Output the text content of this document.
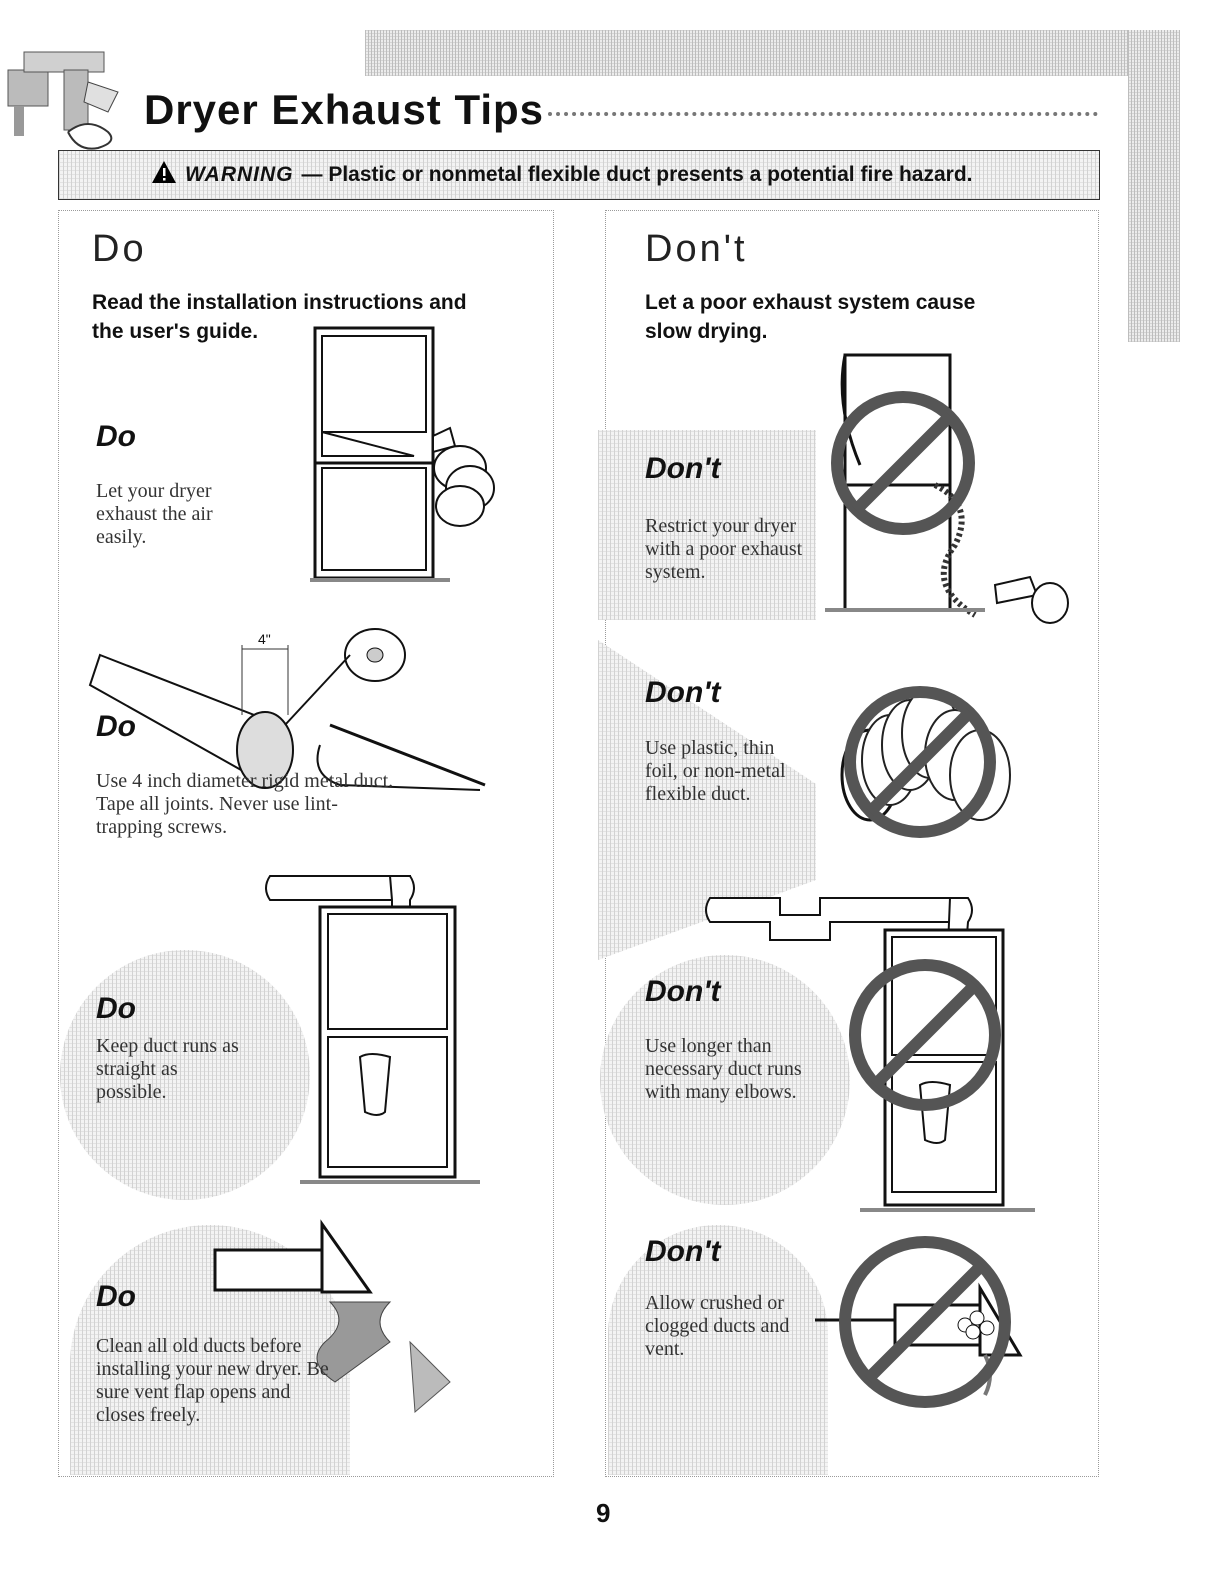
Dryer Exhaust Tips
WARNING — Plastic or nonmetal flexible duct presents a potential fire hazard.
Do
Read the installation instructions and the user's guide.
Do
Let your dryer exhaust the air easily.
4"
Do
Use 4 inch diameter rigid metal duct. Tape all joints. Never use lint-trapping screws.
Do
Keep duct runs as straight as possible.
Do
Clean all old ducts before installing your new dryer. Be sure vent flap opens and closes freely.
Don't
Let a poor exhaust system cause slow drying.
Don't
Restrict your dryer with a poor exhaust system.
Don't
Use plastic, thin foil, or non-metal flexible duct.
Don't
Use longer than necessary duct runs with many elbows.
Don't
Allow crushed or clogged ducts and vent.
9
